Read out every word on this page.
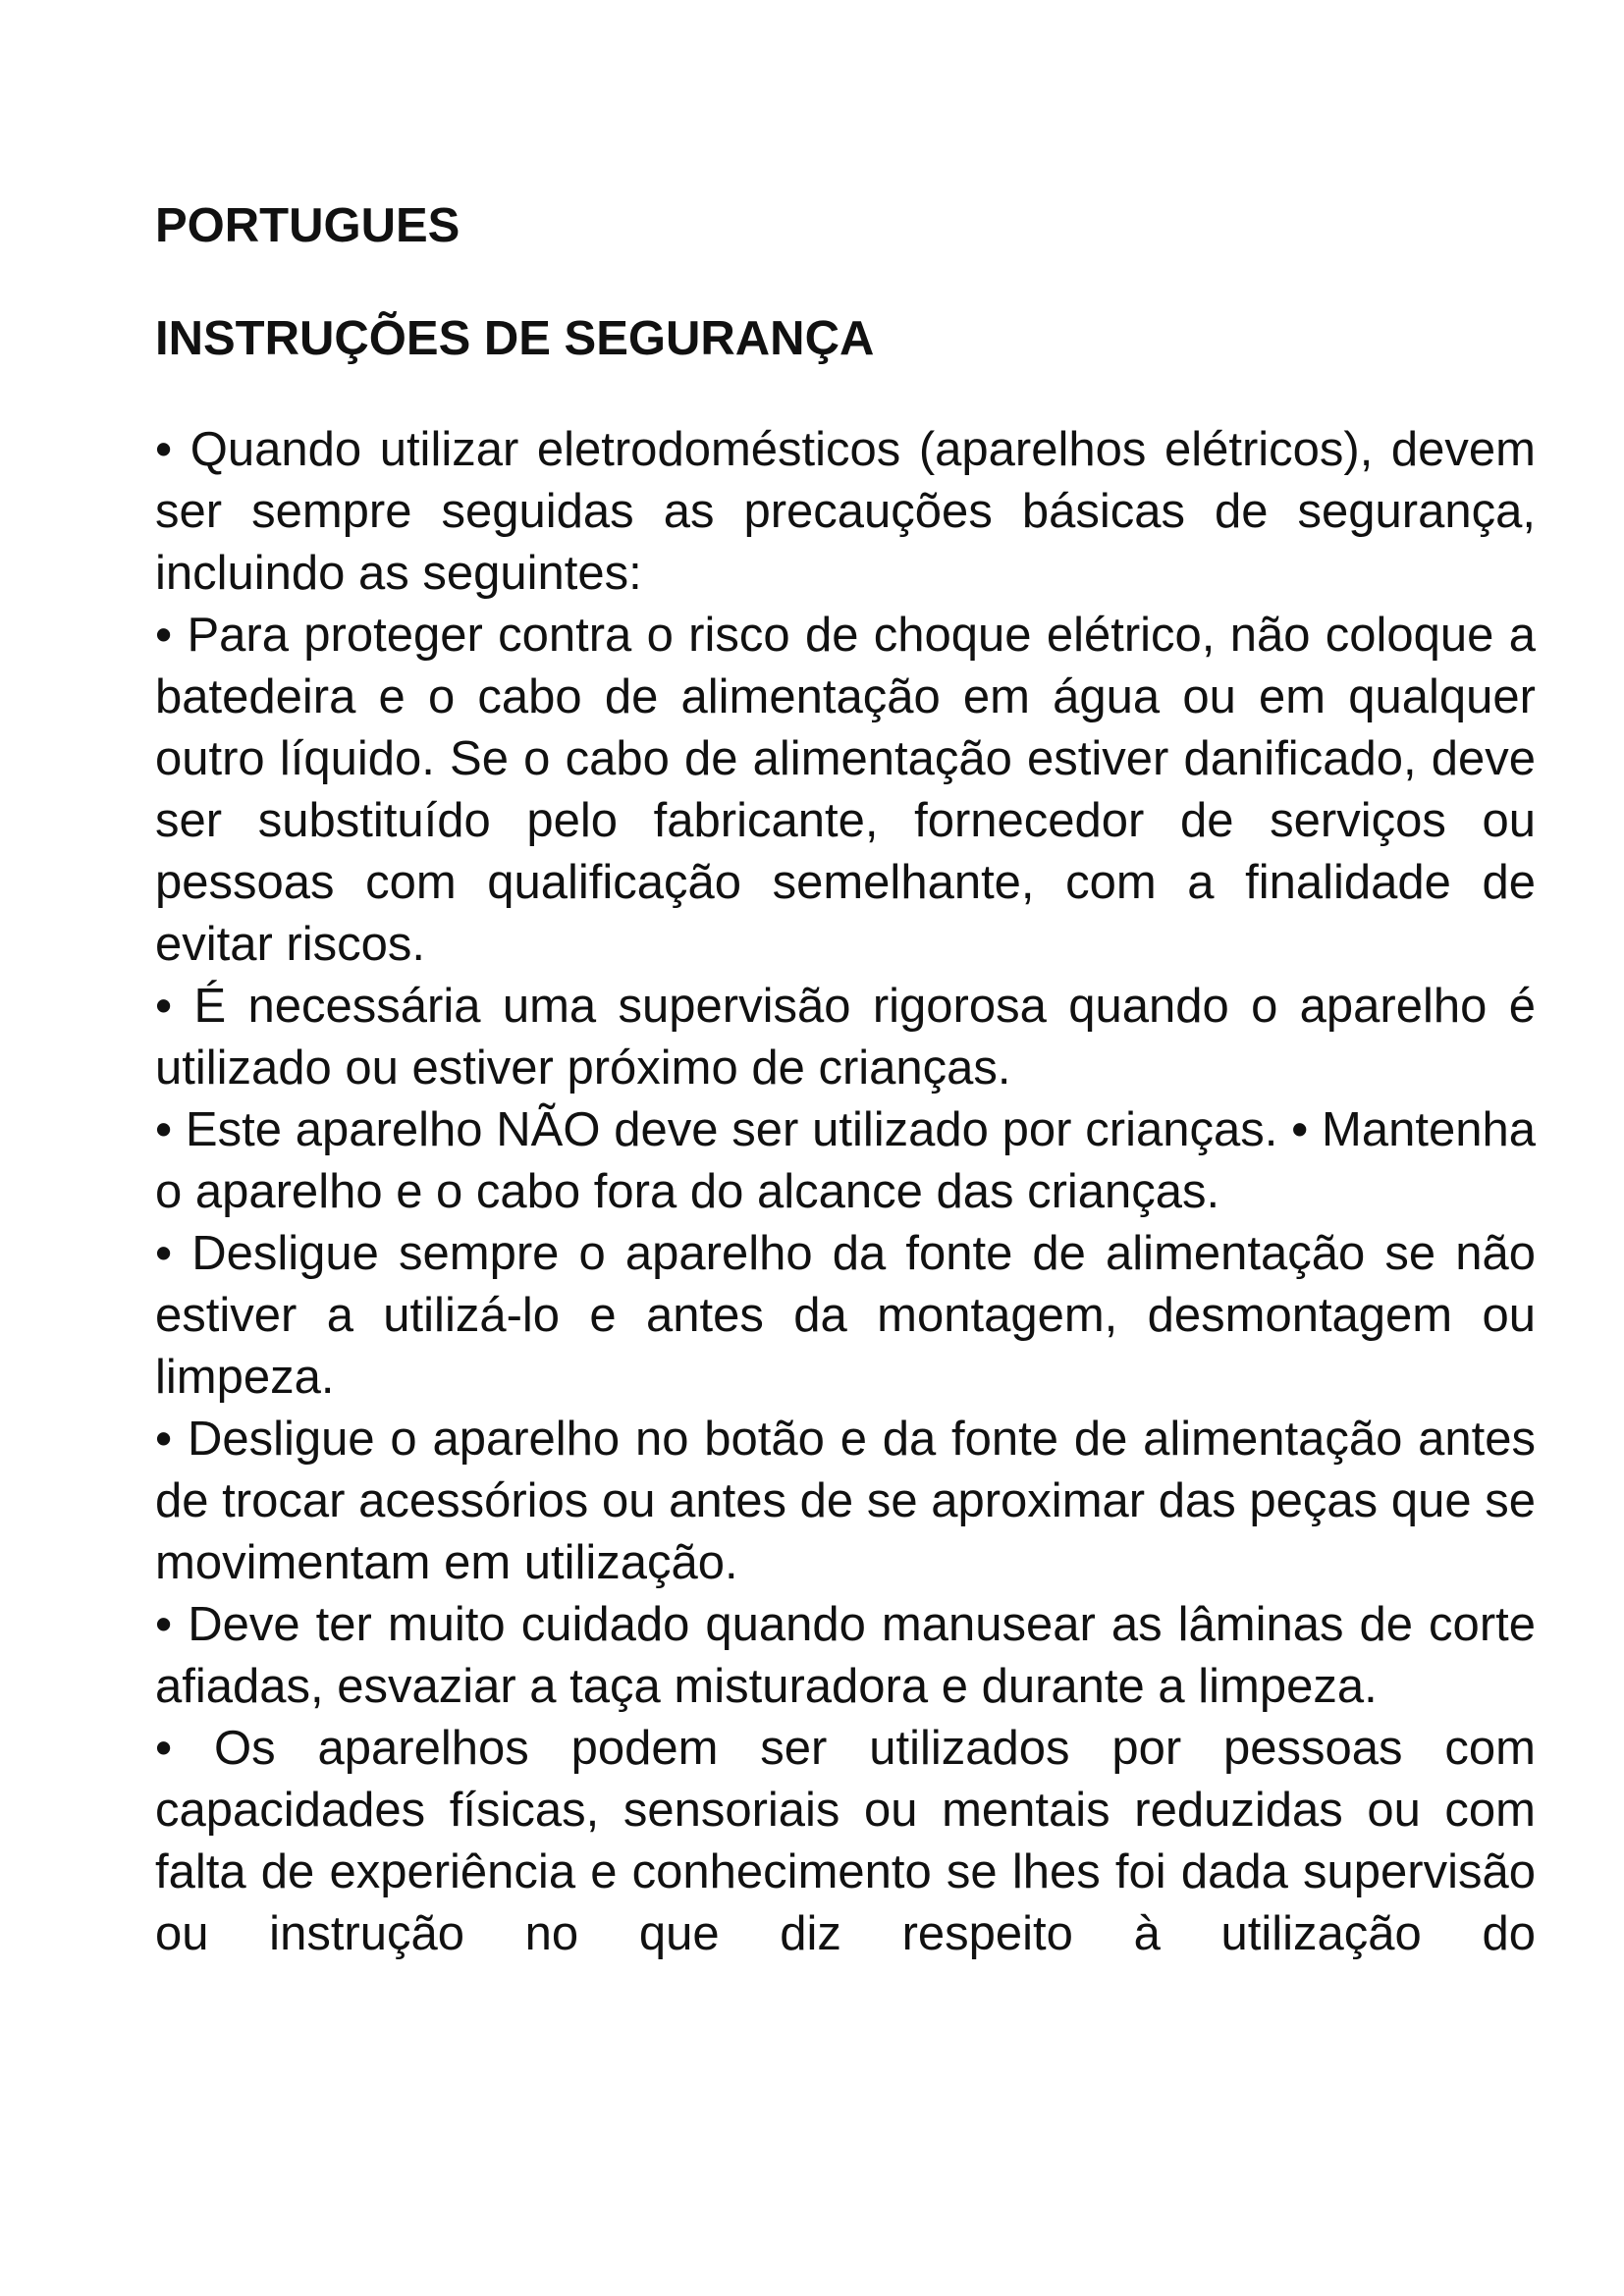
PORTUGUES
INSTRUÇÕES DE SEGURANÇA

• Quando utilizar eletrodomésticos (aparelhos elétricos), devem ser sempre seguidas as precauções básicas de segurança, incluindo as seguintes:

• Para proteger contra o risco de choque elétrico, não coloque a batedeira e o cabo de alimentação em água ou em qualquer outro líquido. Se o cabo de alimentação estiver danificado, deve ser substituído pelo fabricante, fornecedor de serviços ou pessoas com qualificação semelhante, com a finalidade de evitar riscos.

• É necessária uma supervisão rigorosa quando o aparelho é utilizado ou estiver próximo de crianças.

• Este aparelho NÃO deve ser utilizado por crianças. • Mantenha o aparelho e o cabo fora do alcance das crianças.

• Desligue sempre o aparelho da fonte de alimentação se não estiver a utilizá-lo e antes da montagem, desmontagem ou limpeza.

• Desligue o aparelho no botão e da fonte de alimentação antes de trocar acessórios ou antes de se aproximar das peças que se movimentam em utilização.

• Deve ter muito cuidado quando manusear as lâminas de corte afiadas, esvaziar a taça misturadora e durante a limpeza.

• Os aparelhos podem ser utilizados por pessoas com capacidades físicas, sensoriais ou mentais reduzidas ou com falta de experiência e conhecimento se lhes foi dada supervisão ou instrução no que diz respeito à utilização do
